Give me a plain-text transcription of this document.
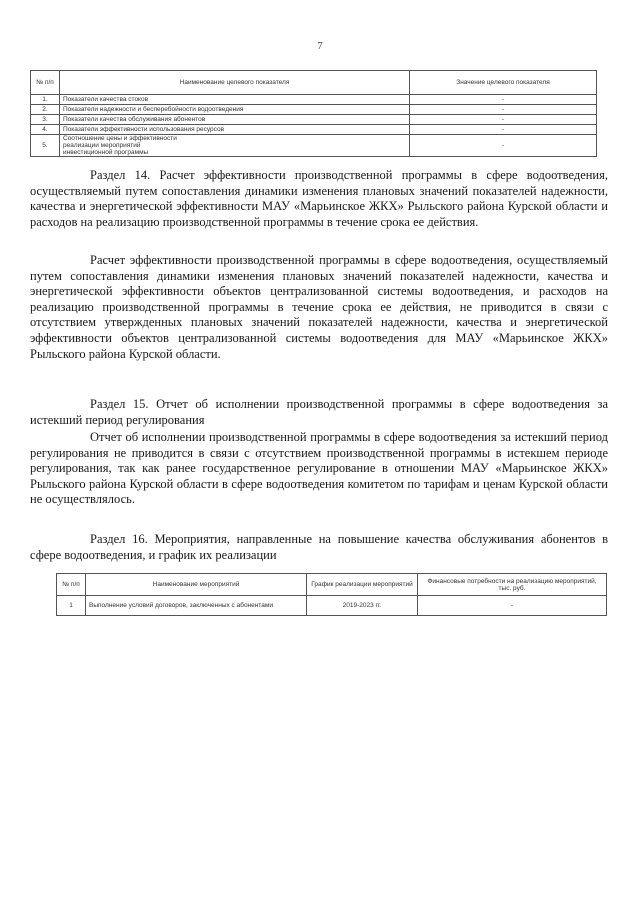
7
№ п/п	Наименование целевого показателя	Значение целевого показателя
1.	Показатели качества стоков	-
2.	Показатели надежности и бесперебойности водоотведения	-
3.	Показатели качества обслуживания абонентов	-
4.	Показатели эффективности использования ресурсов	-
5.	Соотношение цены и эффективности реализации мероприятий инвестиционной программы	-

Раздел 14. Расчет эффективности производственной программы в сфере водоотведения, осуществляемый путем сопоставления динамики изменения плановых значений показателей надежности, качества и энергетической эффективности МАУ «Марьинское ЖКХ» Рыльского района Курской области и расходов на реализацию производственной программы в течение срока ее действия.

Расчет эффективности производственной программы в сфере водоотведения, осуществляемый путем сопоставления динамики изменения плановых значений показателей надежности, качества и энергетической эффективности объектов централизованной системы водоотведения, и расходов на реализацию производственной программы в течение срока ее действия, не приводится в связи с отсутствием утвержденных плановых значений показателей надежности, качества и энергетической эффективности объектов централизованной системы водоотведения для МАУ «Марьинское ЖКХ» Рыльского района Курской области.

Раздел 15. Отчет об исполнении производственной программы в сфере водоотведения за истекший период регулирования

Отчет об исполнении производственной программы в сфере водоотведения за истекший период регулирования не приводится в связи с отсутствием производственной программы в истекшем периоде регулирования, так как ранее государственное регулирование в отношении МАУ «Марьинское ЖКХ» Рыльского района Курской области в сфере водоотведения комитетом по тарифам и ценам Курской области не осуществлялось.

Раздел 16. Мероприятия, направленные на повышение качества обслуживания абонентов в сфере водоотведения, и график их реализации

№ п/п	Наименование мероприятий	График реализации мероприятий	Финансовые потребности на реализацию мероприятий, тыс. руб.
1	Выполнение условий договоров, заключенных с абонентами	2019-2023 гг.	-
